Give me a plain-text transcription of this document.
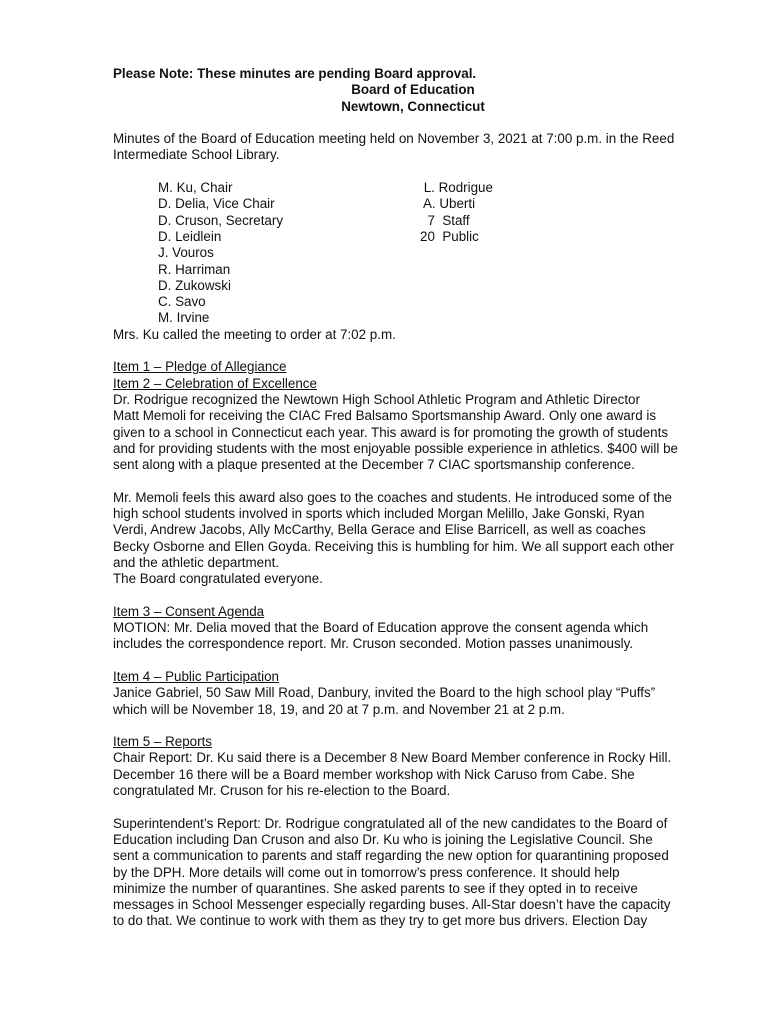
Please Note: These minutes are pending Board approval.
Board of Education
Newtown, Connecticut
Minutes of the Board of Education meeting held on November 3, 2021 at 7:00 p.m. in the Reed
Intermediate School Library.
M. Ku, Chair
D. Delia, Vice Chair
D. Cruson, Secretary
D. Leidlein
J. Vouros
R. Harriman
D. Zukowski
C. Savo
M. Irvine
L. Rodrigue
A. Uberti
7  Staff
20  Public
Mrs. Ku called the meeting to order at 7:02 p.m.
Item 1 – Pledge of Allegiance
Item 2 – Celebration of Excellence
Dr. Rodrigue recognized the Newtown High School Athletic Program and Athletic Director
Matt Memoli for receiving the CIAC Fred Balsamo Sportsmanship Award. Only one award is
given to a school in Connecticut each year. This award is for promoting the growth of students
and for providing students with the most enjoyable possible experience in athletics. $400 will be
sent along with a plaque presented at the December 7 CIAC sportsmanship conference.
Mr. Memoli feels this award also goes to the coaches and students. He introduced some of the
high school students involved in sports which included Morgan Melillo, Jake Gonski, Ryan
Verdi, Andrew Jacobs, Ally McCarthy, Bella Gerace and Elise Barricell, as well as coaches
Becky Osborne and Ellen Goyda. Receiving this is humbling for him. We all support each other
and the athletic department.
The Board congratulated everyone.
Item 3 – Consent Agenda
MOTION: Mr. Delia moved that the Board of Education approve the consent agenda which
includes the correspondence report. Mr. Cruson seconded. Motion passes unanimously.
Item 4 – Public Participation
Janice Gabriel, 50 Saw Mill Road, Danbury, invited the Board to the high school play “Puffs”
which will be November 18, 19, and 20 at 7 p.m. and November 21 at 2 p.m.
Item 5 – Reports
Chair Report: Dr. Ku said there is a December 8 New Board Member conference in Rocky Hill.
December 16 there will be a Board member workshop with Nick Caruso from Cabe. She
congratulated Mr. Cruson for his re-election to the Board.
Superintendent’s Report: Dr. Rodrigue congratulated all of the new candidates to the Board of
Education including Dan Cruson and also Dr. Ku who is joining the Legislative Council. She
sent a communication to parents and staff regarding the new option for quarantining proposed
by the DPH. More details will come out in tomorrow’s press conference. It should help
minimize the number of quarantines. She asked parents to see if they opted in to receive
messages in School Messenger especially regarding buses. All-Star doesn’t have the capacity
to do that. We continue to work with them as they try to get more bus drivers. Election Day
